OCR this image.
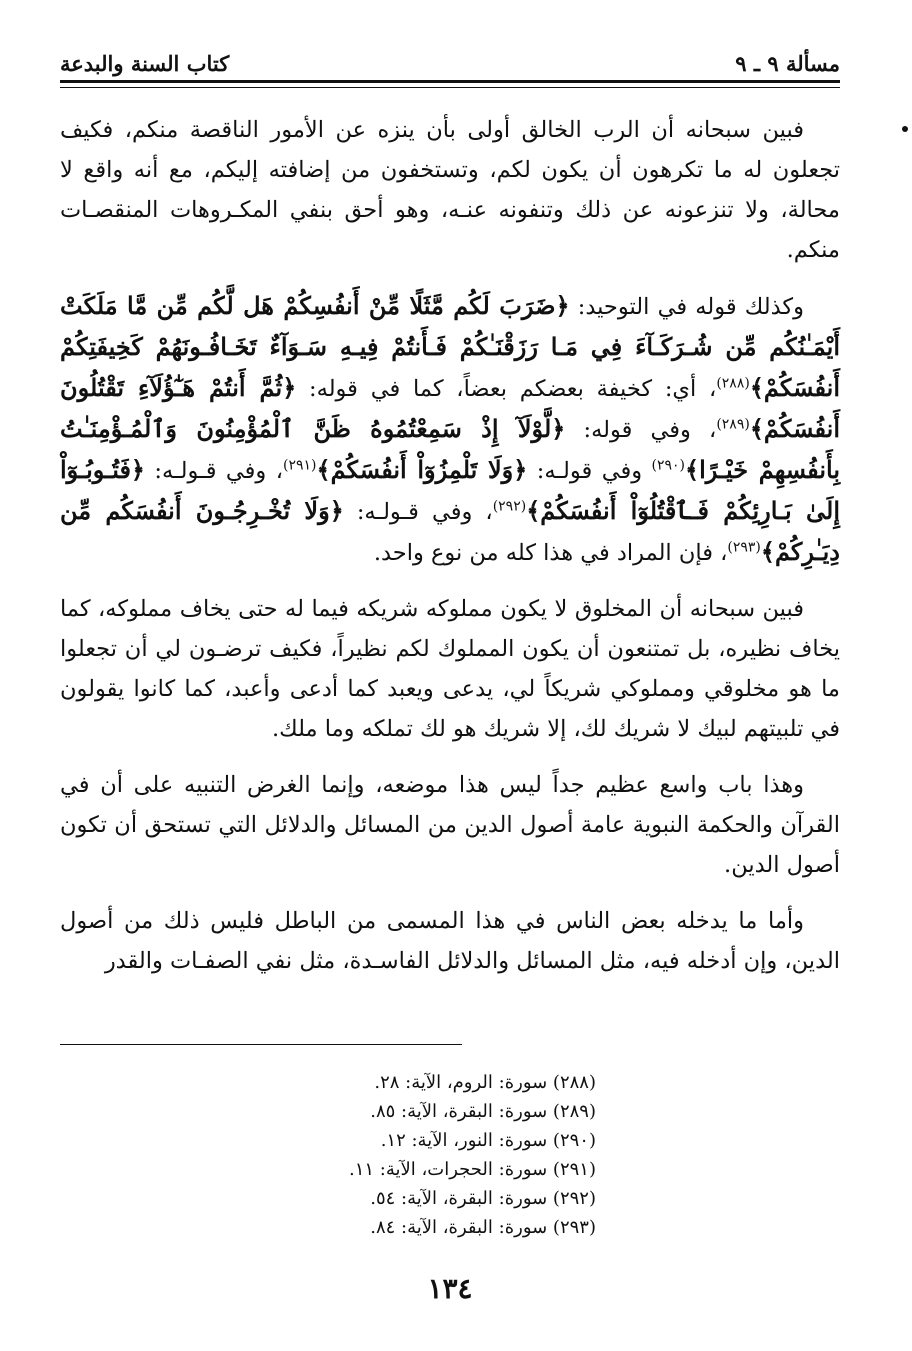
مسألة ٩ ـ ٩
كتاب السنة والبدعة

فبين سبحانه أن الرب الخالق أولى بأن ينزه عن الأمور الناقصة منكم، فكيف تجعلون له ما تكرهون أن يكون لكم، وتستخفون من إضافته إليكم، مع أنه واقع لا محالة، ولا تنزعونه عن ذلك وتنفونه عنـه، وهو أحق بنفي المكـروهات المنقصـات منكم.

وكذلك قوله في التوحيد: ﴿ضَرَبَ لَكُم مَّثَلًا مِّنْ أَنفُسِكُمْ هَل لَّكُم مِّن مَّا مَلَكَتْ أَيْمَـٰنُكُم مِّن شُـرَكَـآءَ فِي مَـا رَزَقْنَـٰكُمْ فَـأَنتُمْ فِيـهِ سَـوَآءٌ تَخَـافُـونَهُمْ كَخِيفَتِكُمْ أَنفُسَكُمْ﴾$^{(٢٨٨)}$، أي: كخيفة بعضكم بعضاً، كما في قوله: ﴿ثُمَّ أَنتُمْ هَـٰٓؤُلَآءِ تَقْتُلُونَ أَنفُسَكُمْ﴾$^{(٢٨٩)}$، وفي قوله: ﴿لَّوْلَآ إِذْ سَمِعْتُمُوهُ ظَنَّ ٱلْمُؤْمِنُونَ وَٱلْمُـؤْمِنَـٰتُ بِأَنفُسِهِمْ خَيْـرًا﴾$^{(٢٩٠)}$ وفي قولـه: ﴿وَلَا تَلْمِزُوٓاْ أَنفُسَكُمْ﴾$^{(٢٩١)}$، وفي قـولـه: ﴿فَتُـوبُـوٓاْ إِلَىٰ بَـارِئِكُمْ فَـٱقْتُلُوٓاْ أَنفُسَكُمْ﴾$^{(٢٩٢)}$، وفي قـولـه: ﴿وَلَا تُخْـرِجُـونَ أَنفُسَكُم مِّن دِيَـٰرِكُمْ﴾$^{(٢٩٣)}$، فإن المراد في هذا كله من نوع واحد.

فبين سبحانه أن المخلوق لا يكون مملوكه شريكه فيما له حتى يخاف مملوكه، كما يخاف نظيره، بل تمتنعون أن يكون المملوك لكم نظيراً، فكيف ترضـون لي أن تجعلوا ما هو مخلوقي ومملوكي شريكاً لي، يدعى ويعبد كما أدعى وأعبد، كما كانوا يقولون في تلبيتهم لبيك لا شريك لك، إلا شريك هو لك تملكه وما ملك.

وهذا باب واسع عظيم جداً ليس هذا موضعه، وإنما الغرض التنبيه على أن في القرآن والحكمة النبوية عامة أصول الدين من المسائل والدلائل التي تستحق أن تكون أصول الدين.

وأما ما يدخله بعض الناس في هذا المسمى من الباطل فليس ذلك من أصول الدين، وإن أدخله فيه، مثل المسائل والدلائل الفاسـدة، مثل نفي الصفـات والقدر

(٢٨٨) سورة: الروم، الآية: ٢٨.
(٢٨٩) سورة: البقرة، الآية: ٨٥.
(٢٩٠) سورة: النور، الآية: ١٢.
(٢٩١) سورة: الحجرات، الآية: ١١.
(٢٩٢) سورة: البقرة، الآية: ٥٤.
(٢٩٣) سورة: البقرة، الآية: ٨٤.
١٣٤
